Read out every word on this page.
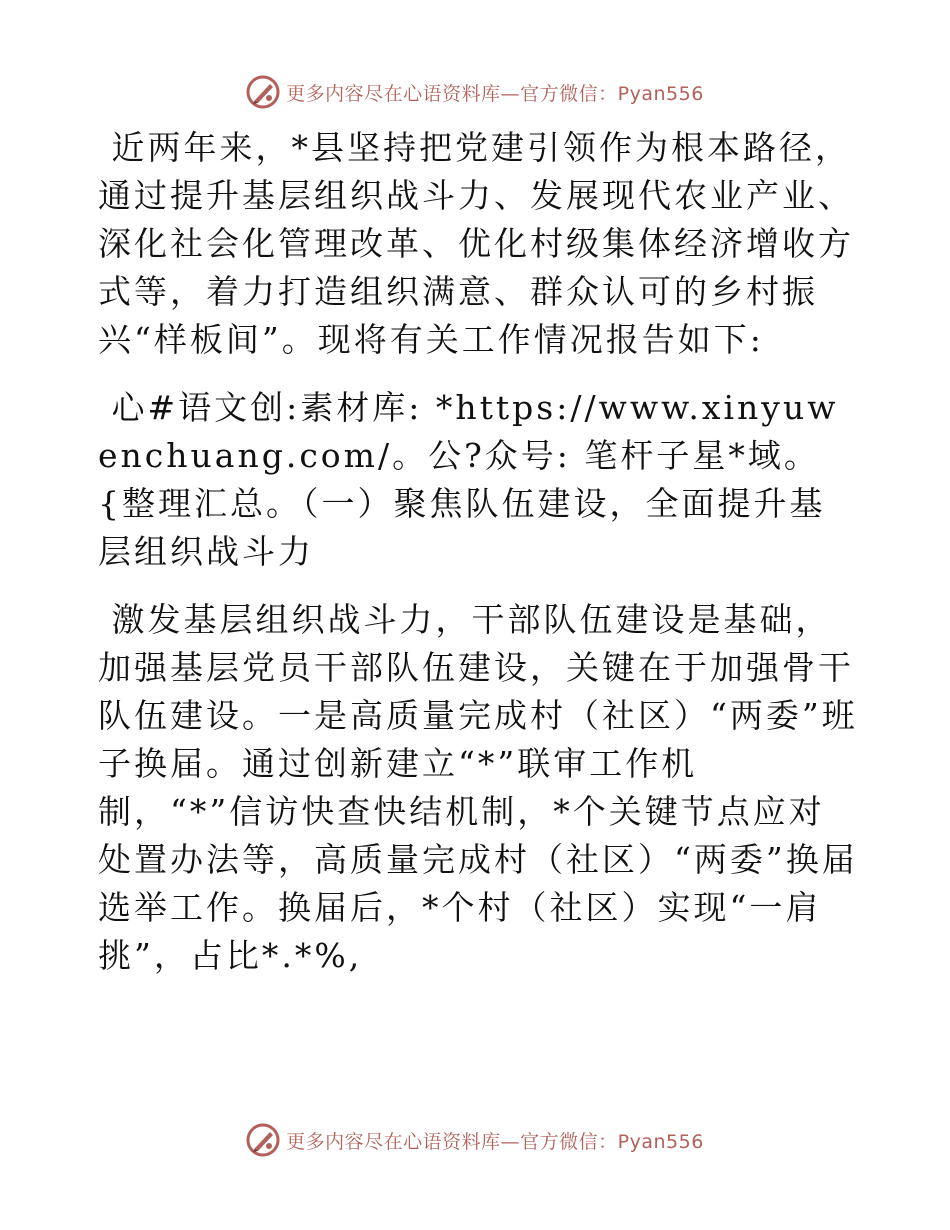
更多内容尽在心语资料库—官方微信：Pyan556

近两年来，*县坚持把党建引领作为根本路径，通过提升基层组织战斗力、发展现代农业产业、深化社会化管理改革、优化村级集体经济增收方式等，着力打造组织满意、群众认可的乡村振兴“样板间”。现将有关工作情况报告如下:

心#语文创:素材库: *https://www.xinyuwenchuang.com/。公?众号: 笔杆子星*域。{整理汇总。（一）聚焦队伍建设，全面提升基层组织战斗力

激发基层组织战斗力，干部队伍建设是基础，加强基层党员干部队伍建设，关键在于加强骨干队伍建设。一是高质量完成村（社区）“两委”班子换届。通过创新建立“*”联审工作机制，“*”信访快查快结机制，*个关键节点应对处置办法等，高质量完成村（社区）“两委”换届选举工作。换届后，*个村（社区）实现“一肩挑”，占比*.*%,

更多内容尽在心语资料库—官方微信：Pyan556
